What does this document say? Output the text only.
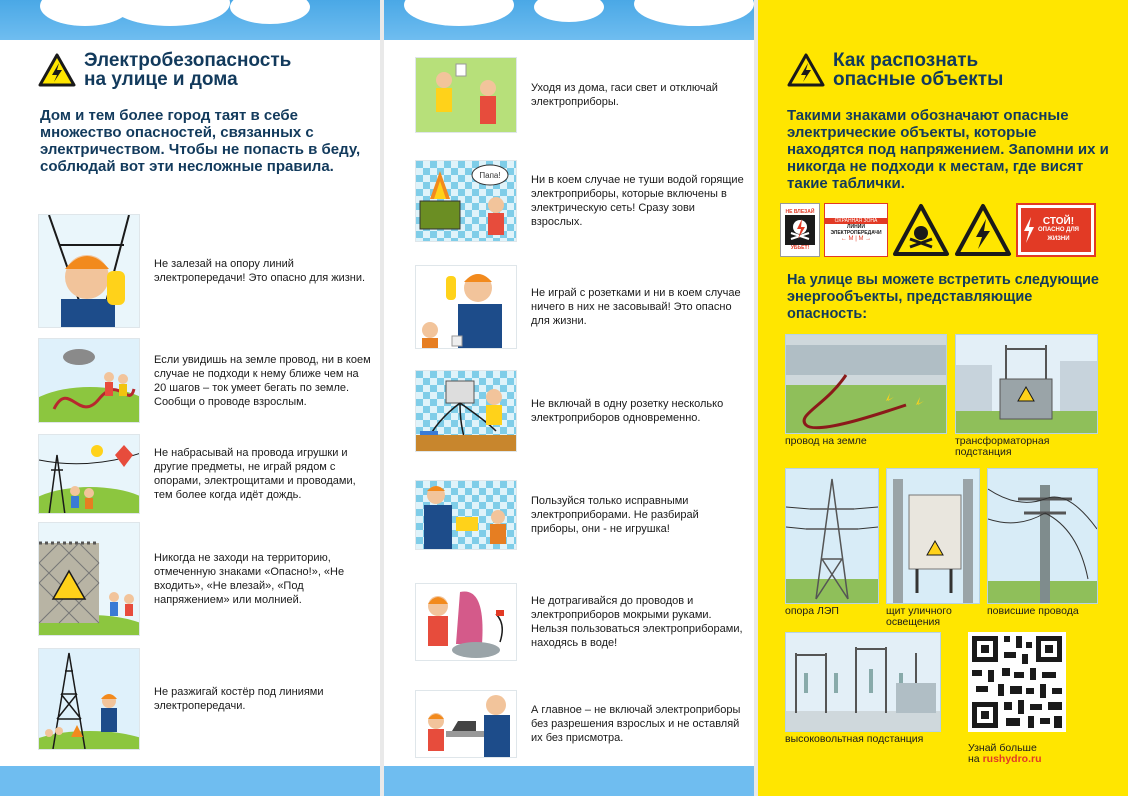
Электробезопасность
на улице и дома
Дом и тем более город таят в себе множество опасностей, связанных с электричеством. Чтобы не попасть в беду, соблюдай вот эти несложные правила.
Не залезай на опору линий электропередачи! Это опасно для жизни.
Если увидишь на земле провод, ни в коем случае не подходи к нему ближе чем на 20 шагов – ток умеет бегать по земле. Сообщи о проводе взрослым.
Не набрасывай на провода игрушки и другие предметы, не играй рядом с опорами, электрощитами и проводами, тем более когда идёт дождь.
Никогда не заходи на территорию, отмеченную знаками «Опасно!», «Не входить», «Не влезай», «Под напряжением» или молнией.
Не разжигай костёр под линиями электропередачи.
Уходя из дома, гаси свет и отключай электроприборы.
Папа!	Ни в коем случае не туши водой горящие электроприборы, которые включены в электрическую сеть! Сразу зови взрослых.
Не играй с розетками и ни в коем случае ничего в них не засовывай! Это опасно для жизни.
Не включай в одну розетку несколько электроприборов одновременно.
Пользуйся только исправными электроприборами. Не разбирай приборы, они - не игрушка!
Не дотрагивайся до проводов и электроприборов мокрыми руками. Нельзя пользоваться электроприборами, находясь в воде!
А главное – не включай электроприборы без разрешения взрослых и не оставляй их без присмотра.
Как распознать
опасные объекты
Такими знаками обозначают опасные электрические объекты, которые находятся под напряжением. Запомни их и никогда не подходи к местам, где висят такие таблички.
НЕ ВЛЕЗАЙ
УБЬЕТ!
ОХРАННАЯ ЗОНА
ЛИНИИ
ЭЛЕКТРОПЕРЕДАЧИ
← М | М →
СТОЙ!
ОПАСНО ДЛЯ
ЖИЗНИ
На улице вы можете встретить следующие энергообъекты, представляющие опасность:
провод на земле	трансформаторная подстанция
опора ЛЭП	щит уличного освещения
повисшие провода
высоковольтная подстанция
Узнай больше
на rushydro.ru
